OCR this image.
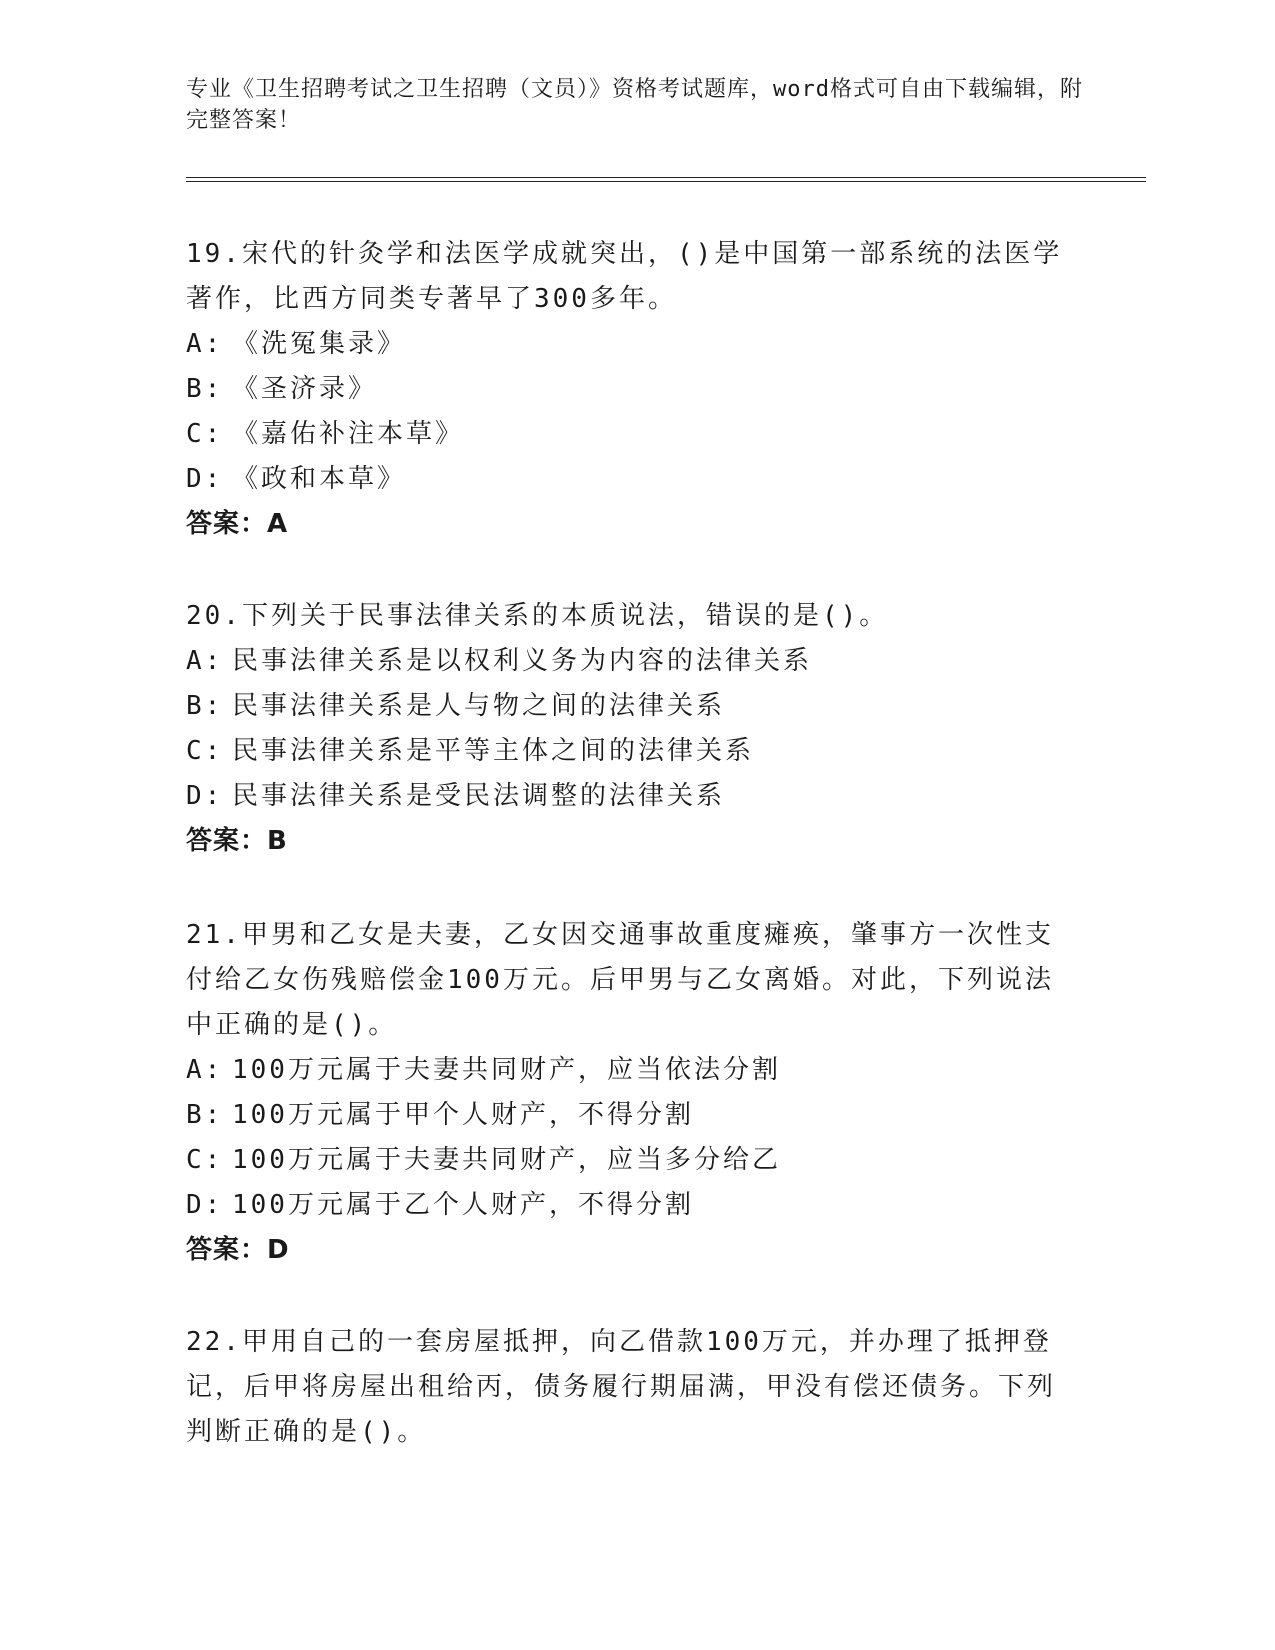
专业《卫生招聘考试之卫生招聘（文员）》资格考试题库，word格式可自由下载编辑，附完整答案！
19.宋代的针灸学和法医学成就突出，()是中国第一部系统的法医学著作，比西方同类专著早了300多年。
A: 《洗冤集录》
B: 《圣济录》
C: 《嘉佑补注本草》
D: 《政和本草》
答案：A
20.下列关于民事法律关系的本质说法，错误的是()。
A: 民事法律关系是以权利义务为内容的法律关系
B: 民事法律关系是人与物之间的法律关系
C: 民事法律关系是平等主体之间的法律关系
D: 民事法律关系是受民法调整的法律关系
答案：B
21.甲男和乙女是夫妻，乙女因交通事故重度瘫痪，肇事方一次性支付给乙女伤残赔偿金100万元。后甲男与乙女离婚。对此，下列说法中正确的是()。
A: 100万元属于夫妻共同财产，应当依法分割
B: 100万元属于甲个人财产，不得分割
C: 100万元属于夫妻共同财产，应当多分给乙
D: 100万元属于乙个人财产，不得分割
答案：D
22.甲用自己的一套房屋抵押，向乙借款100万元，并办理了抵押登记，后甲将房屋出租给丙，债务履行期届满，甲没有偿还债务。下列判断正确的是()。
